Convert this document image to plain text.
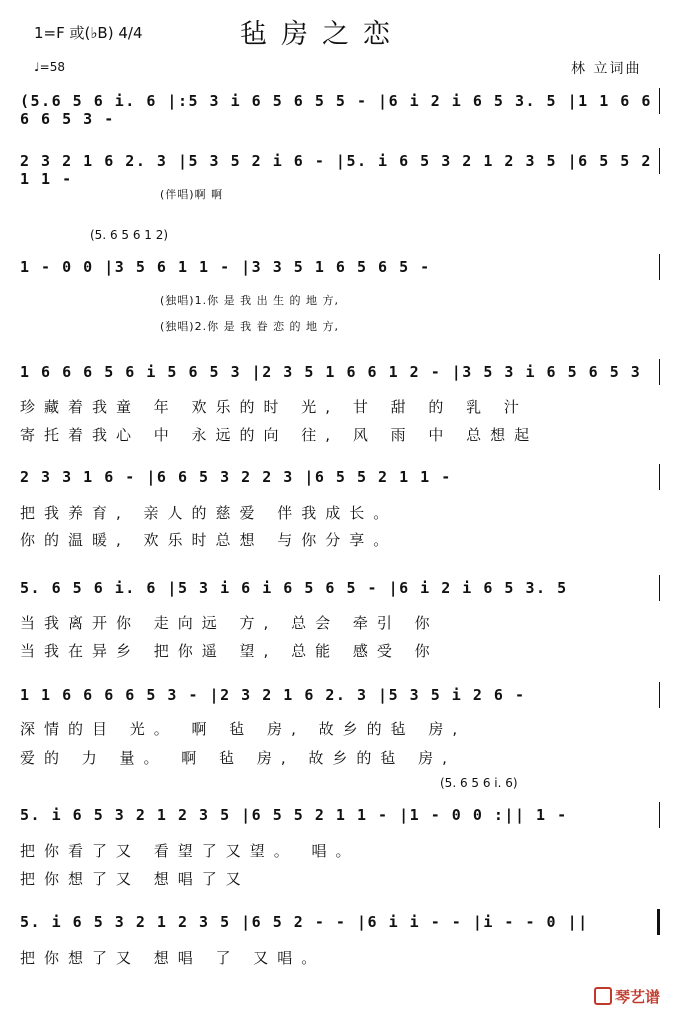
1=F 或(♭B) 4/4	毡房之恋
♩=58	林 立词曲
(5.6 5 6 i. 6 |:5 3 i 6 5 6 5 5 - |6 i 2 i 6 5 3. 5 |1 1 6 6 6 6 5 3 -
2 3 2 1 6 2. 3 |5 3 5 2 i 6 - |5. i 6 5 3 2 1 2 3 5 |6 5 5 2 1 1 -
(伴唱)啊 啊
1 - 0 0 |3 5 6 1 1 - |3 3 5 1 6 5 6 5 -
(5. 6 5 6 1 2)
(独唱)1.你 是 我 出 生 的 地 方,
(独唱)2.你 是 我 眷 恋 的 地 方,
1 6 6 6 5 6 i 5 6 5 3 |2 3 5 1 6 6 1 2 - |3 5 3 i 6 5 6 5 3
珍藏着我童 年 欢乐的时 光, 甘 甜 的 乳 汁
寄托着我心 中 永远的向 往, 风 雨 中 总想起
2 3 3 1 6 - |6 6 5 3 2 2 3 |6 5 5 2 1 1 -
把我养育, 亲人的慈爱 伴我成长。
你的温暖, 欢乐时总想 与你分享。
5. 6 5 6 i. 6 |5 3 i 6 i 6 5 6 5 - |6 i 2 i 6 5 3. 5
当我离开你 走向远 方, 总会 牵引 你
当我在异乡 把你遥 望, 总能 感受 你
1 1 6 6 6 6 5 3 - |2 3 2 1 6 2. 3 |5 3 5 i 2 6 -
深情的目 光。 啊 毡 房, 故乡的毡 房,
爱的 力 量。 啊 毡 房, 故乡的毡 房,
5. i 6 5 3 2 1 2 3 5 |6 5 5 2 1 1 - |1 - 0 0 :|| 1 -
(5. 6 5 6 i. 6)
把你看了又 看望了又望。 唱。
把你想了又 想唱了又
5. i 6 5 3 2 1 2 3 5 |6 5 2 - - |6 i i - - |i - - 0 ||
把你想了又 想唱 了 又唱。
琴艺谱
